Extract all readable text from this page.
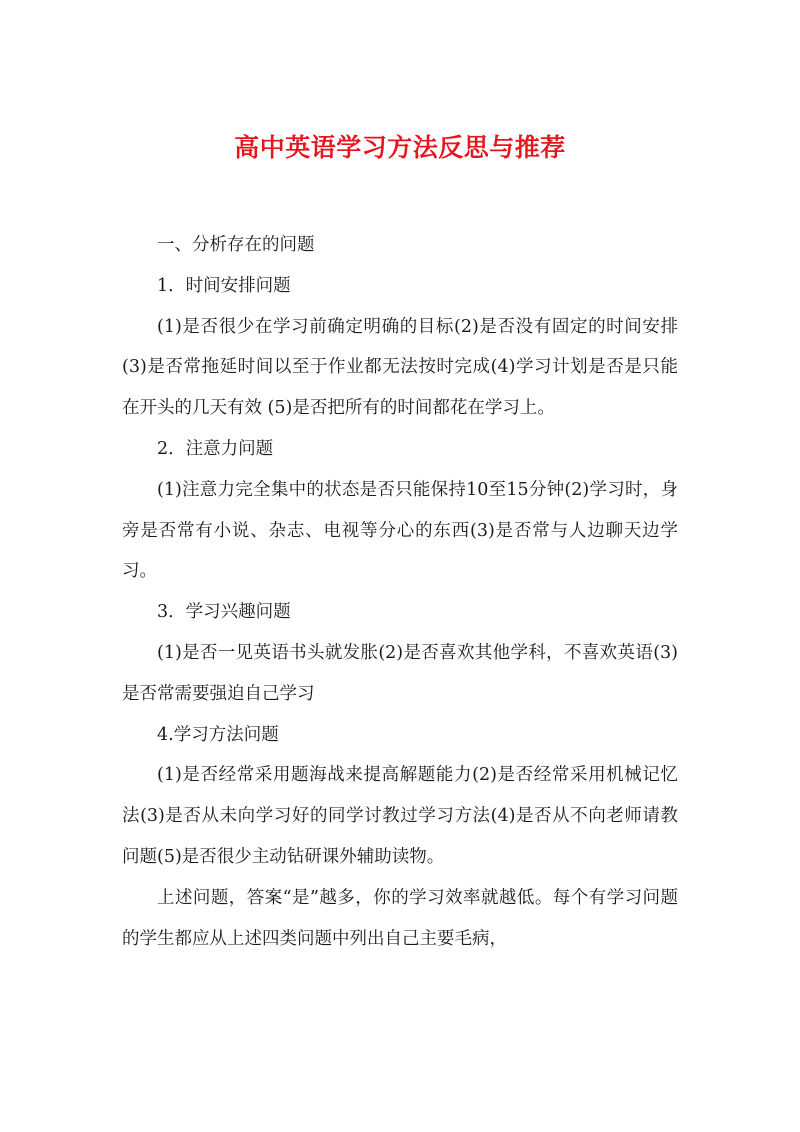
高中英语学习方法反思与推荐

一、分析存在的问题

1．时间安排问题

(1)是否很少在学习前确定明确的目标(2)是否没有固定的时间安排(3)是否常拖延时间以至于作业都无法按时完成(4)学习计划是否是只能在开头的几天有效 (5)是否把所有的时间都花在学习上。

2．注意力问题

(1)注意力完全集中的状态是否只能保持10至15分钟(2)学习时，身旁是否常有小说、杂志、电视等分心的东西(3)是否常与人边聊天边学习。

3．学习兴趣问题

(1)是否一见英语书头就发胀(2)是否喜欢其他学科，不喜欢英语(3)是否常需要强迫自己学习

4.学习方法问题

(1)是否经常采用题海战来提高解题能力(2)是否经常采用机械记忆法(3)是否从未向学习好的同学讨教过学习方法(4)是否从不向老师请教问题(5)是否很少主动钻研课外辅助读物。

上述问题，答案“是”越多，你的学习效率就越低。每个有学习问题的学生都应从上述四类问题中列出自己主要毛病，
